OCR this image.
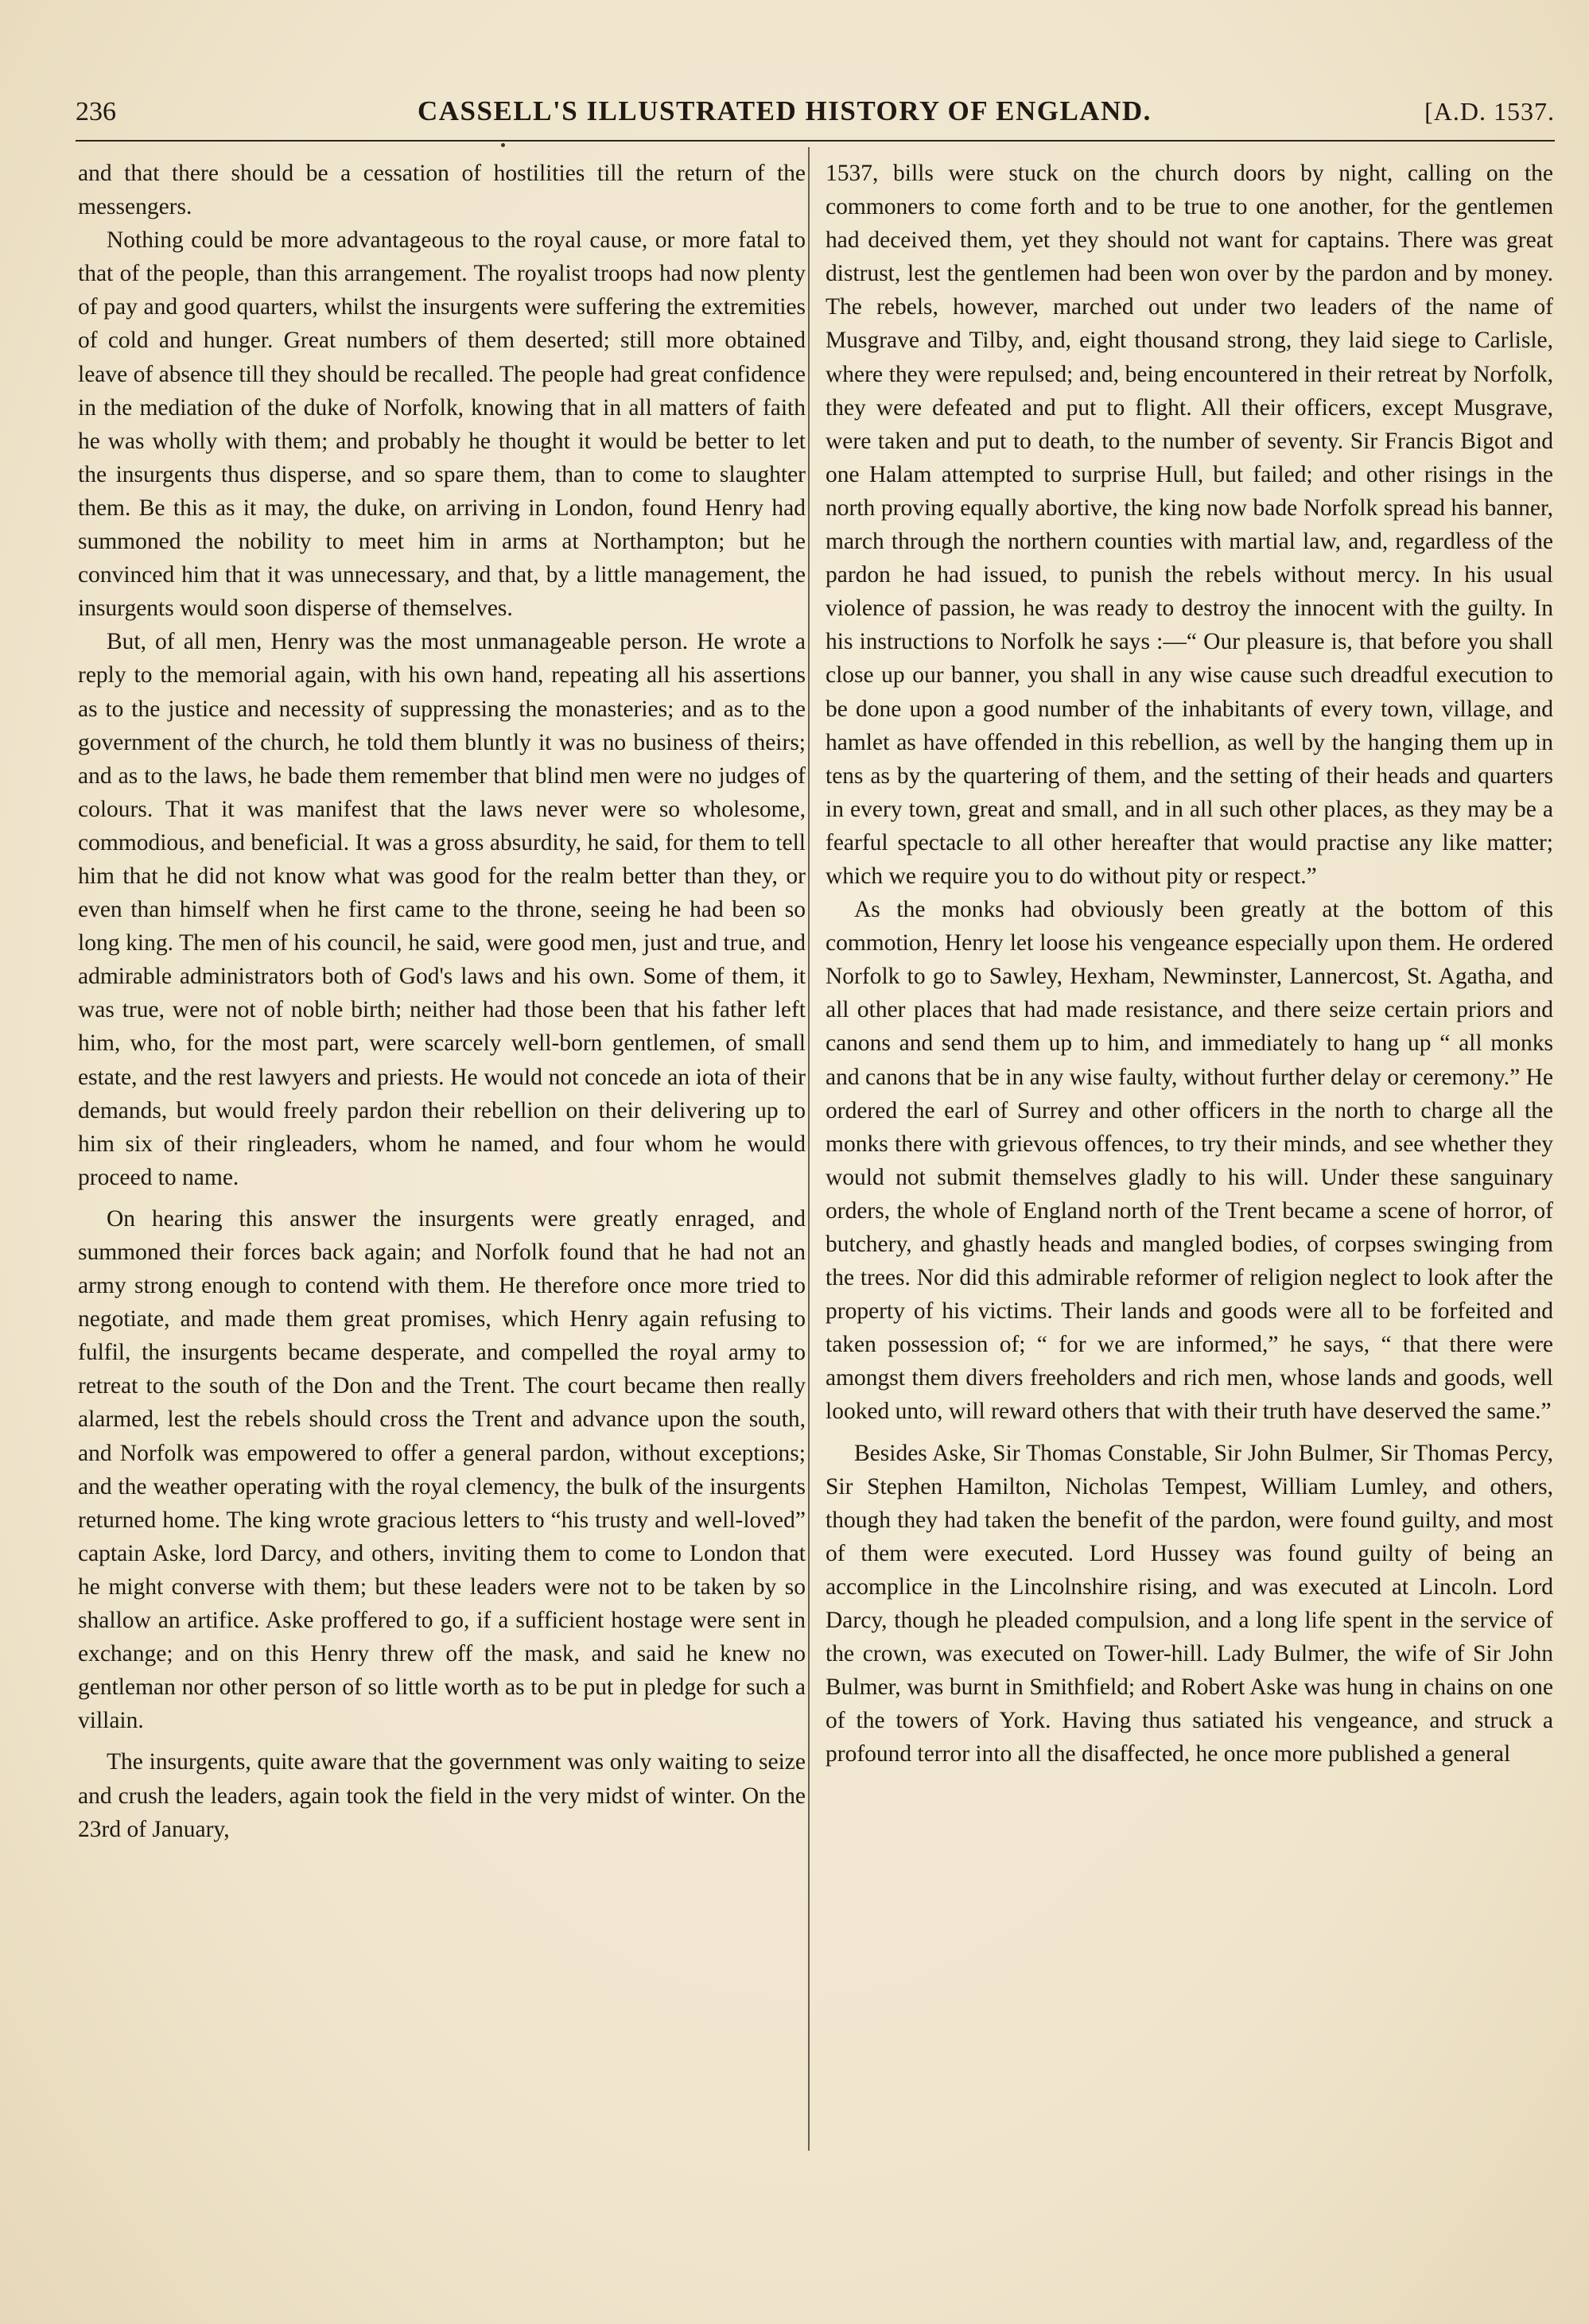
236	CASSELL'S ILLUSTRATED HISTORY OF ENGLAND.	[A.D. 1537.

and that there should be a cessation of hostilities till the return of the messengers.

Nothing could be more advantageous to the royal cause, or more fatal to that of the people, than this arrangement. The royalist troops had now plenty of pay and good quarters, whilst the insurgents were suffering the extremities of cold and hunger. Great numbers of them deserted; still more obtained leave of absence till they should be recalled. The people had great confidence in the mediation of the duke of Norfolk, knowing that in all matters of faith he was wholly with them; and probably he thought it would be better to let the insurgents thus disperse, and so spare them, than to come to slaughter them. Be this as it may, the duke, on arriving in London, found Henry had summoned the nobility to meet him in arms at Northampton; but he convinced him that it was unnecessary, and that, by a little management, the insurgents would soon disperse of themselves.

But, of all men, Henry was the most unmanageable person. He wrote a reply to the memorial again, with his own hand, repeating all his assertions as to the justice and necessity of suppressing the monasteries; and as to the government of the church, he told them bluntly it was no business of theirs; and as to the laws, he bade them remember that blind men were no judges of colours. That it was manifest that the laws never were so wholesome, commodious, and beneficial. It was a gross absurdity, he said, for them to tell him that he did not know what was good for the realm better than they, or even than himself when he first came to the throne, seeing he had been so long king. The men of his council, he said, were good men, just and true, and admirable administrators both of God's laws and his own. Some of them, it was true, were not of noble birth; neither had those been that his father left him, who, for the most part, were scarcely well-born gentlemen, of small estate, and the rest lawyers and priests. He would not concede an iota of their demands, but would freely pardon their rebellion on their delivering up to him six of their ringleaders, whom he named, and four whom he would proceed to name.

On hearing this answer the insurgents were greatly enraged, and summoned their forces back again; and Norfolk found that he had not an army strong enough to contend with them. He therefore once more tried to negotiate, and made them great promises, which Henry again refusing to fulfil, the insurgents became desperate, and compelled the royal army to retreat to the south of the Don and the Trent. The court became then really alarmed, lest the rebels should cross the Trent and advance upon the south, and Norfolk was empowered to offer a general pardon, without exceptions; and the weather operating with the royal clemency, the bulk of the insurgents returned home. The king wrote gracious letters to “his trusty and well-loved” captain Aske, lord Darcy, and others, inviting them to come to London that he might converse with them; but these leaders were not to be taken by so shallow an artifice. Aske proffered to go, if a sufficient hostage were sent in exchange; and on this Henry threw off the mask, and said he knew no gentleman nor other person of so little worth as to be put in pledge for such a villain.

The insurgents, quite aware that the government was only waiting to seize and crush the leaders, again took the field in the very midst of winter. On the 23rd of January,

1537, bills were stuck on the church doors by night, calling on the commoners to come forth and to be true to one another, for the gentlemen had deceived them, yet they should not want for captains. There was great distrust, lest the gentlemen had been won over by the pardon and by money. The rebels, however, marched out under two leaders of the name of Musgrave and Tilby, and, eight thousand strong, they laid siege to Carlisle, where they were repulsed; and, being encountered in their retreat by Norfolk, they were defeated and put to flight. All their officers, except Musgrave, were taken and put to death, to the number of seventy. Sir Francis Bigot and one Halam attempted to surprise Hull, but failed; and other risings in the north proving equally abortive, the king now bade Norfolk spread his banner, march through the northern counties with martial law, and, regardless of the pardon he had issued, to punish the rebels without mercy. In his usual violence of passion, he was ready to destroy the innocent with the guilty. In his instructions to Norfolk he says :—“ Our pleasure is, that before you shall close up our banner, you shall in any wise cause such dreadful execution to be done upon a good number of the inhabitants of every town, village, and hamlet as have offended in this rebellion, as well by the hanging them up in tens as by the quartering of them, and the setting of their heads and quarters in every town, great and small, and in all such other places, as they may be a fearful spectacle to all other hereafter that would practise any like matter; which we require you to do without pity or respect.”

As the monks had obviously been greatly at the bottom of this commotion, Henry let loose his vengeance especially upon them. He ordered Norfolk to go to Sawley, Hexham, Newminster, Lannercost, St. Agatha, and all other places that had made resistance, and there seize certain priors and canons and send them up to him, and immediately to hang up “ all monks and canons that be in any wise faulty, without further delay or ceremony.” He ordered the earl of Surrey and other officers in the north to charge all the monks there with grievous offences, to try their minds, and see whether they would not submit themselves gladly to his will. Under these sanguinary orders, the whole of England north of the Trent became a scene of horror, of butchery, and ghastly heads and mangled bodies, of corpses swinging from the trees. Nor did this admirable reformer of religion neglect to look after the property of his victims. Their lands and goods were all to be forfeited and taken possession of; “ for we are informed,” he says, “ that there were amongst them divers freeholders and rich men, whose lands and goods, well looked unto, will reward others that with their truth have deserved the same.”

Besides Aske, Sir Thomas Constable, Sir John Bulmer, Sir Thomas Percy, Sir Stephen Hamilton, Nicholas Tempest, William Lumley, and others, though they had taken the benefit of the pardon, were found guilty, and most of them were executed. Lord Hussey was found guilty of being an accomplice in the Lincolnshire rising, and was executed at Lincoln. Lord Darcy, though he pleaded compulsion, and a long life spent in the service of the crown, was executed on Tower-hill. Lady Bulmer, the wife of Sir John Bulmer, was burnt in Smithfield; and Robert Aske was hung in chains on one of the towers of York. Having thus satiated his vengeance, and struck a profound terror into all the disaffected, he once more published a general
